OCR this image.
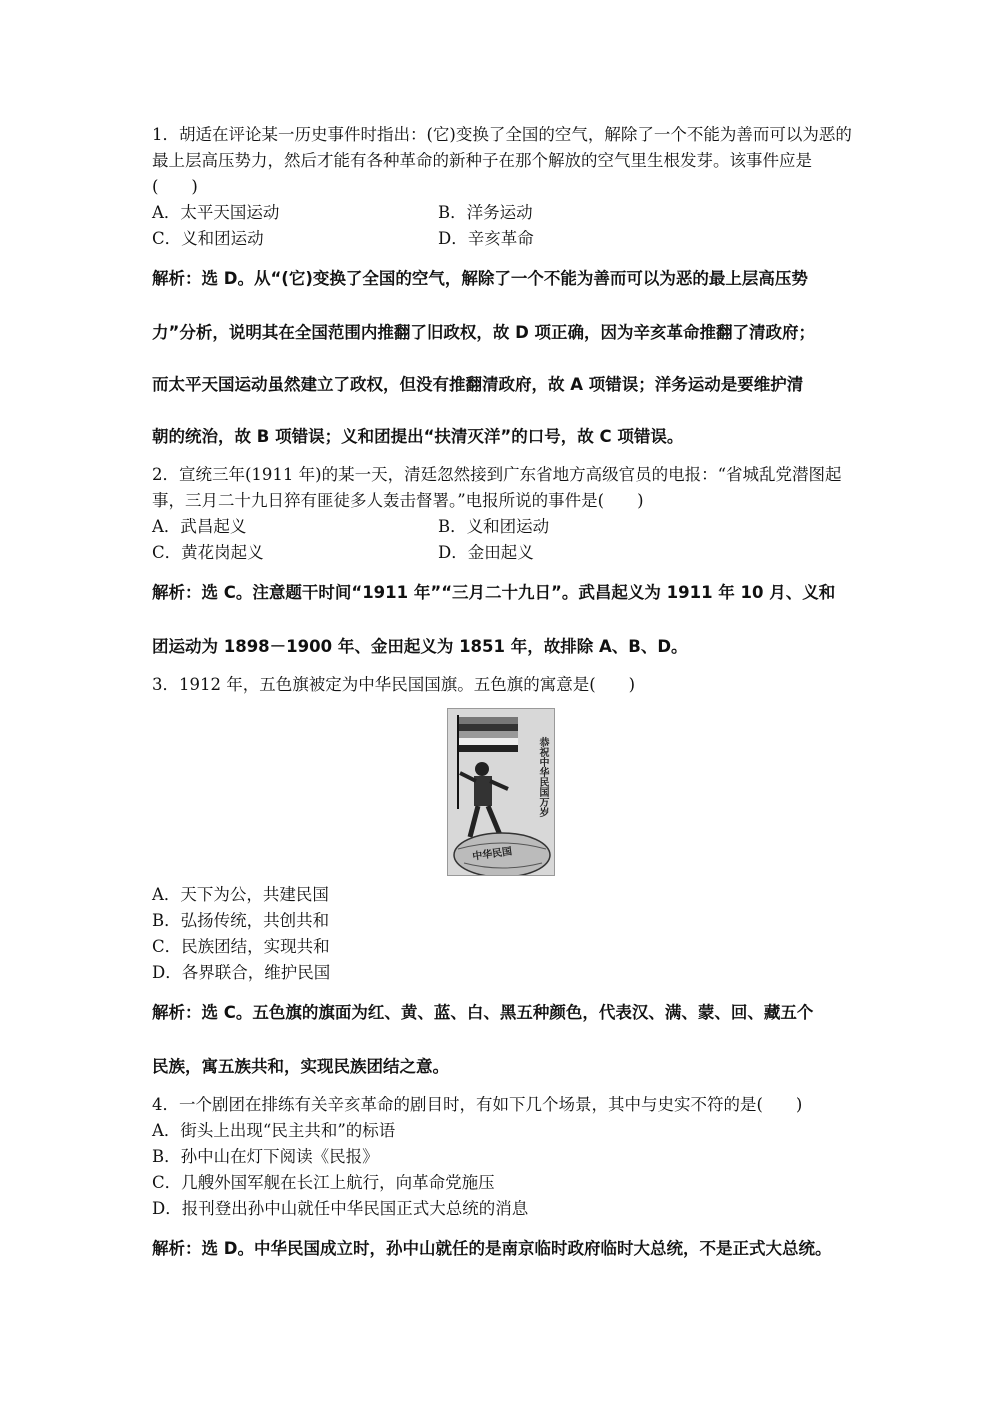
1．胡适在评论某一历史事件时指出：(它)变换了全国的空气，解除了一个不能为善而可以为恶的最上层高压势力，然后才能有各种革命的新种子在那个解放的空气里生根发芽。该事件应是(　　)
A．太平天国运动	B．洋务运动
C．义和团运动	D．辛亥革命
解析：选 D。从“(它)变换了全国的空气，解除了一个不能为善而可以为恶的最上层高压势
力”分析，说明其在全国范围内推翻了旧政权，故 D 项正确，因为辛亥革命推翻了清政府；
而太平天国运动虽然建立了政权，但没有推翻清政府，故 A 项错误；洋务运动是要维护清
朝的统治，故 B 项错误；义和团提出“扶清灭洋”的口号，故 C 项错误。
2．宣统三年(1911 年)的某一天，清廷忽然接到广东省地方高级官员的电报：“省城乱党潜图起事，三月二十九日猝有匪徒多人轰击督署。”电报所说的事件是(　　)
A．武昌起义	B．义和团运动
C．黄花岗起义	D．金田起义
解析：选 C。注意题干时间“1911 年”“三月二十九日”。武昌起义为 1911 年 10 月、义和
团运动为 1898－1900 年、金田起义为 1851 年，故排除 A、B、D。
3．1912 年，五色旗被定为中华民国国旗。五色旗的寓意是(　　)
恭祝中华民国万岁
中华民国
A．天下为公，共建民国
B．弘扬传统，共创共和
C．民族团结，实现共和
D．各界联合，维护民国
解析：选 C。五色旗的旗面为红、黄、蓝、白、黑五种颜色，代表汉、满、蒙、回、藏五个
民族，寓五族共和，实现民族团结之意。
4．一个剧团在排练有关辛亥革命的剧目时，有如下几个场景，其中与史实不符的是(　　)
A．街头上出现“民主共和”的标语
B．孙中山在灯下阅读《民报》
C．几艘外国军舰在长江上航行，向革命党施压
D．报刊登出孙中山就任中华民国正式大总统的消息
解析：选 D。中华民国成立时，孙中山就任的是南京临时政府临时大总统，不是正式大总统。
